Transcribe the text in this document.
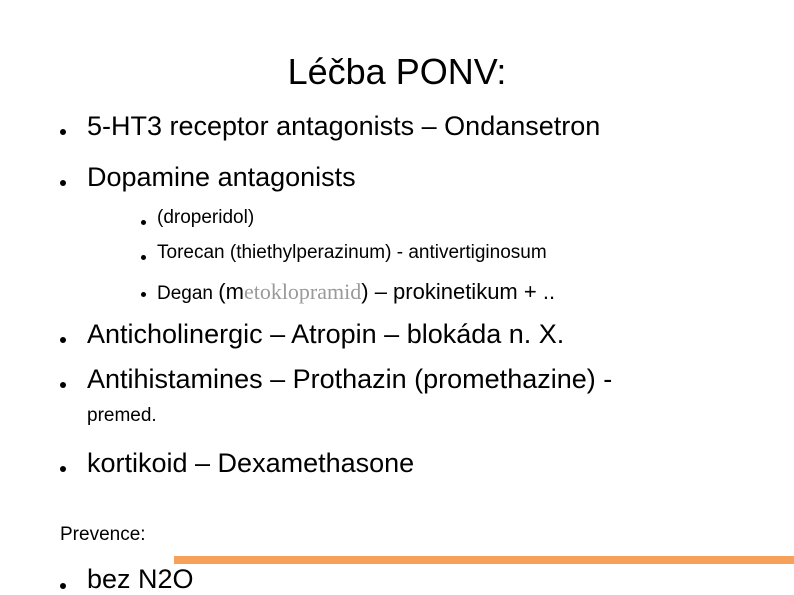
Léčba PONV:
5-HT3 receptor antagonists – Ondansetron
Dopamine antagonists
(droperidol)
Torecan (thiethylperazinum) - antivertiginosum
Degan (metoklopramid) – prokinetikum + ..
Anticholinergic – Atropin – blokáda n. X.
Antihistamines – Prothazin (promethazine) -
premed.
kortikoid – Dexamethasone
Prevence:
bez N2O
